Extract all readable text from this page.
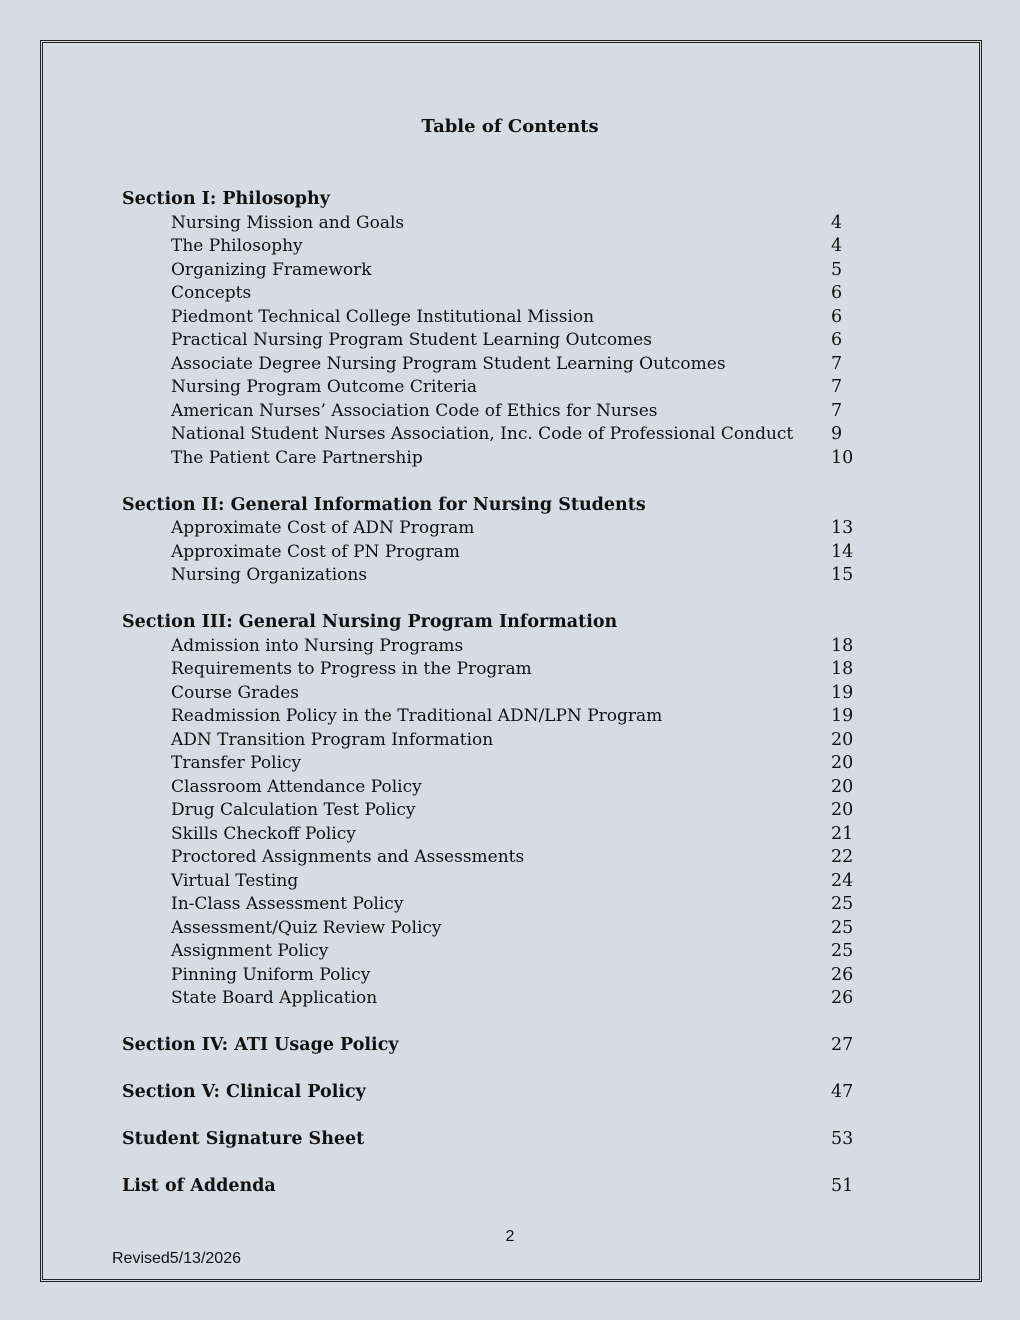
Table of Contents
Section I: Philosophy
Nursing Mission and Goals	4
The Philosophy	4
Organizing Framework	5
Concepts	6
Piedmont Technical College Institutional Mission	6
Practical Nursing Program Student Learning Outcomes	6
Associate Degree Nursing Program Student Learning Outcomes	7
Nursing Program Outcome Criteria	7
American Nurses’ Association Code of Ethics for Nurses	7
National Student Nurses Association, Inc. Code of Professional Conduct 9
The Patient Care Partnership	10
Section II: General Information for Nursing Students
Approximate Cost of ADN Program	13
Approximate Cost of PN Program	14
Nursing Organizations	15
Section III: General Nursing Program Information
Admission into Nursing Programs	18
Requirements to Progress in the Program	18
Course Grades	19
Readmission Policy in the Traditional ADN/LPN Program	19
ADN Transition Program Information	20
Transfer Policy	20
Classroom Attendance Policy	20
Drug Calculation Test Policy	20
Skills Checkoff Policy	21
Proctored Assignments and Assessments	22
Virtual Testing	24
In-Class Assessment Policy	25
Assessment/Quiz Review Policy	25
Assignment Policy	25
Pinning Uniform Policy	26
State Board Application	26
Section IV: ATI Usage Policy	27
Section V: Clinical Policy	47
Student Signature Sheet	53
List of Addenda	51
2
Revised5/13/2026
